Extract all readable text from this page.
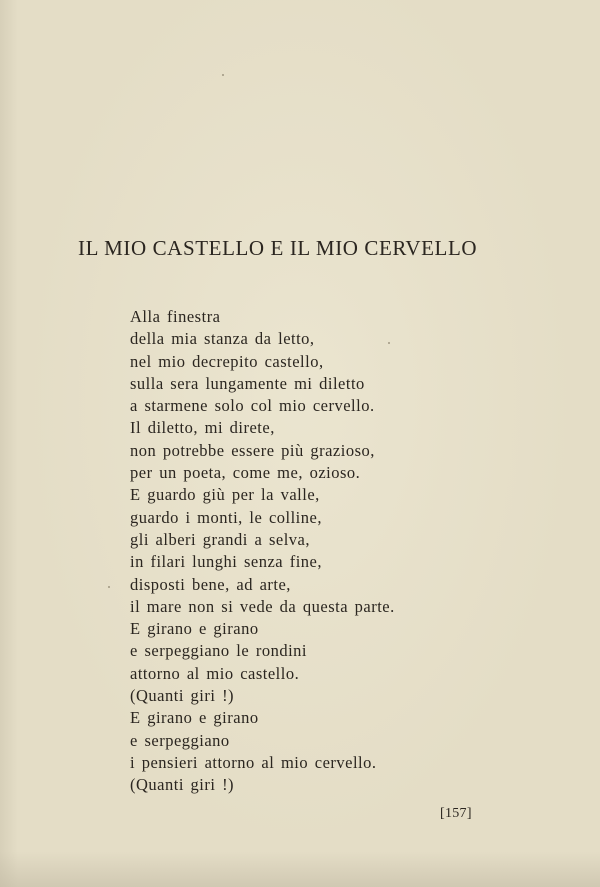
IL MIO CASTELLO E IL MIO CERVELLO
Alla finestra
della mia stanza da letto,
nel mio decrepito castello,
sulla sera lungamente mi diletto
a starmene solo col mio cervello.
Il diletto, mi direte,
non potrebbe essere più grazioso,
per un poeta, come me, ozioso.
E guardo giù per la valle,
guardo i monti, le colline,
gli alberi grandi a selva,
in filari lunghi senza fine,
disposti bene, ad arte,
il mare non si vede da questa parte.
E girano e girano
e serpeggiano le rondini
attorno al mio castello.
(Quanti giri !)
E girano e girano
e serpeggiano
i pensieri attorno al mio cervello.
(Quanti giri !)
[157]
